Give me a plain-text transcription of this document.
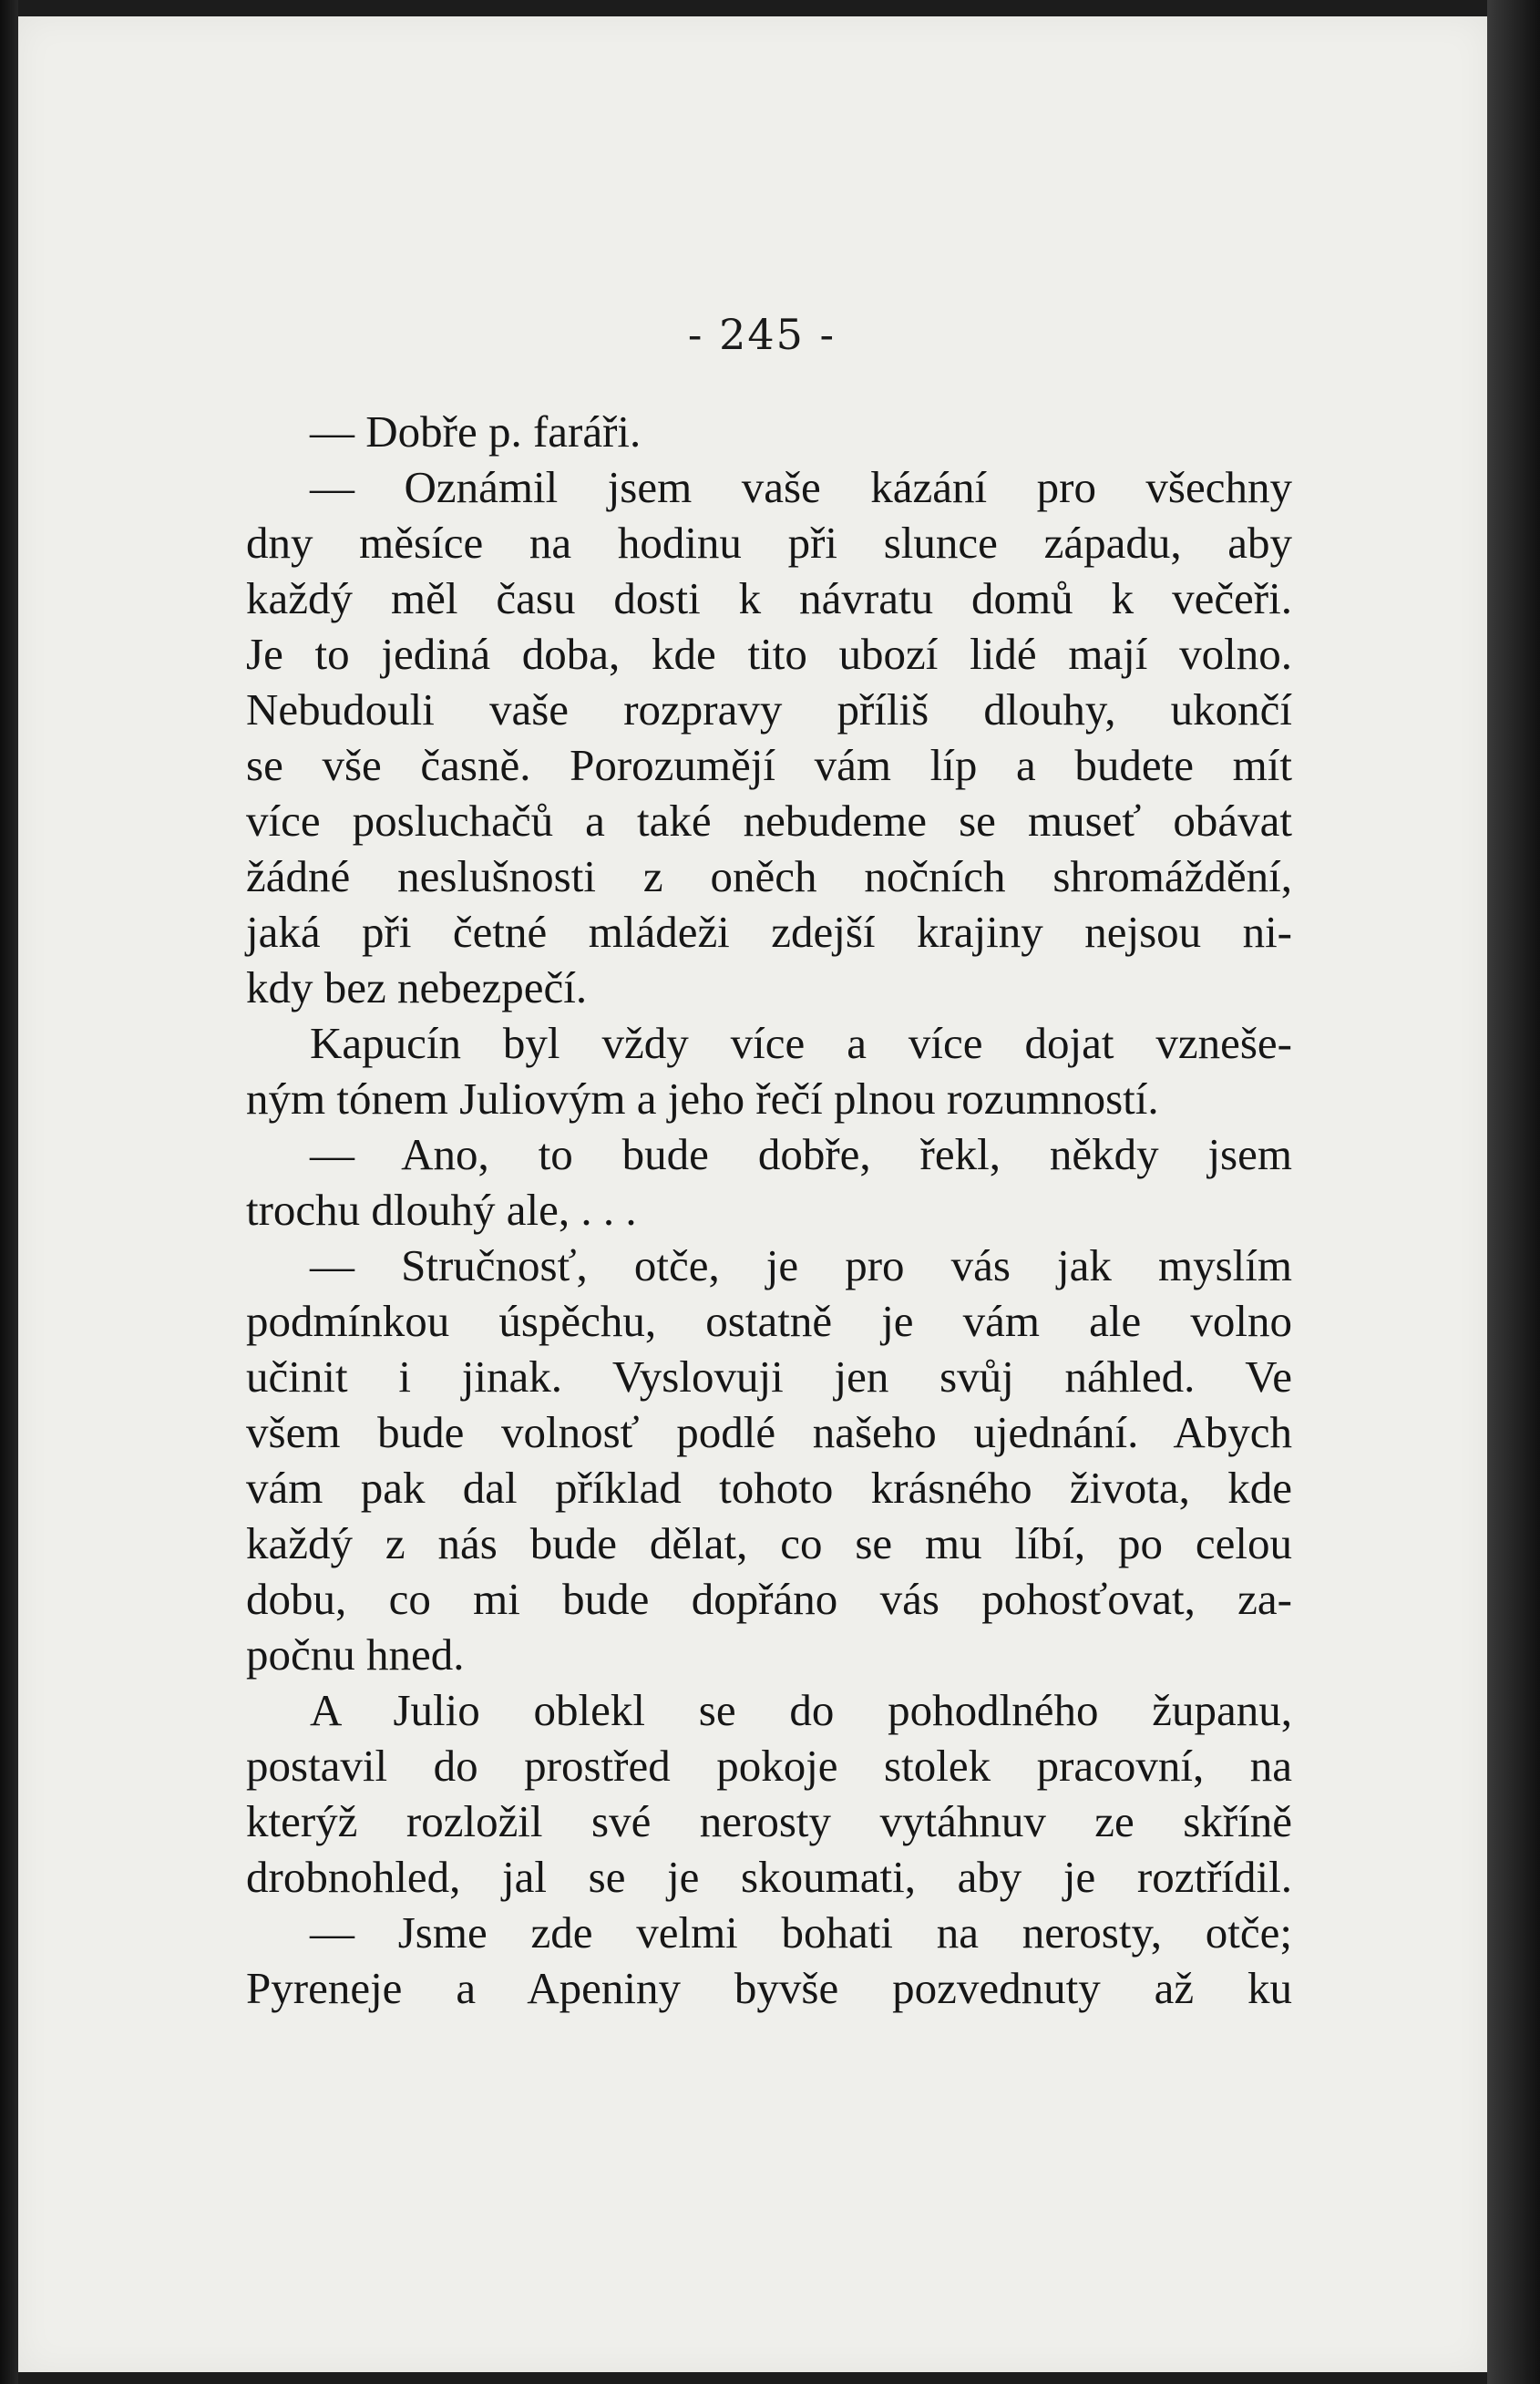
- 245 -
— Dobře p. faráři.
— Oznámil jsem vaše kázání pro všechny
dny měsíce na hodinu při slunce západu, aby
každý měl času dosti k návratu domů k večeři.
Je to jediná doba, kde tito ubozí lidé mají volno.
Nebudouli vaše rozpravy příliš dlouhy, ukončí
se vše časně. Porozumějí vám líp a budete mít
více posluchačů a také nebudeme se museť obávat
žádné neslušnosti z oněch nočních shromáždění,
jaká při četné mládeži zdejší krajiny nejsou ni-
kdy bez nebezpečí.
Kapucín byl vždy více a více dojat vzneše-
ným tónem Juliovým a jeho řečí plnou rozumností.
— Ano, to bude dobře, řekl, někdy jsem
trochu dlouhý ale, . . .
— Stručnosť, otče, je pro vás jak myslím
podmínkou úspěchu, ostatně je vám ale volno
učinit i jinak. Vyslovuji jen svůj náhled. Ve
všem bude volnosť podlé našeho ujednání. Abych
vám pak dal příklad tohoto krásného života, kde
každý z nás bude dělat, co se mu líbí, po celou
dobu, co mi bude dopřáno vás pohosťovat, za-
počnu hned.
A Julio oblekl se do pohodlného županu,
postavil do prostřed pokoje stolek pracovní, na
kterýž rozložil své nerosty vytáhnuv ze skříně
drobnohled, jal se je skoumati, aby je roztřídil.
— Jsme zde velmi bohati na nerosty, otče;
Pyreneje a Apeniny byvše pozvednuty až ku
